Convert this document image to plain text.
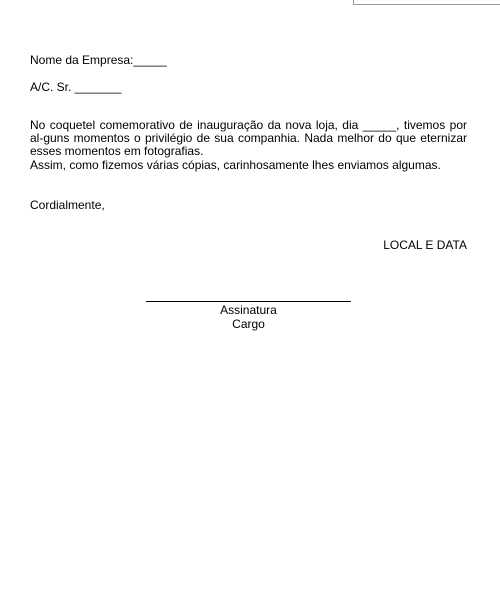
Nome da Empresa:_____
A/C. Sr. _______

No coquetel comemorativo de inauguração da nova loja, dia _____, tivemos por al-guns momentos o privilégio de sua companhia. Nada melhor do que eternizar esses momentos em fotografias.

Assim, como fizemos várias cópias, carinhosamente lhes enviamos algumas.

Cordialmente,
LOCAL E DATA
Assinatura
Cargo
